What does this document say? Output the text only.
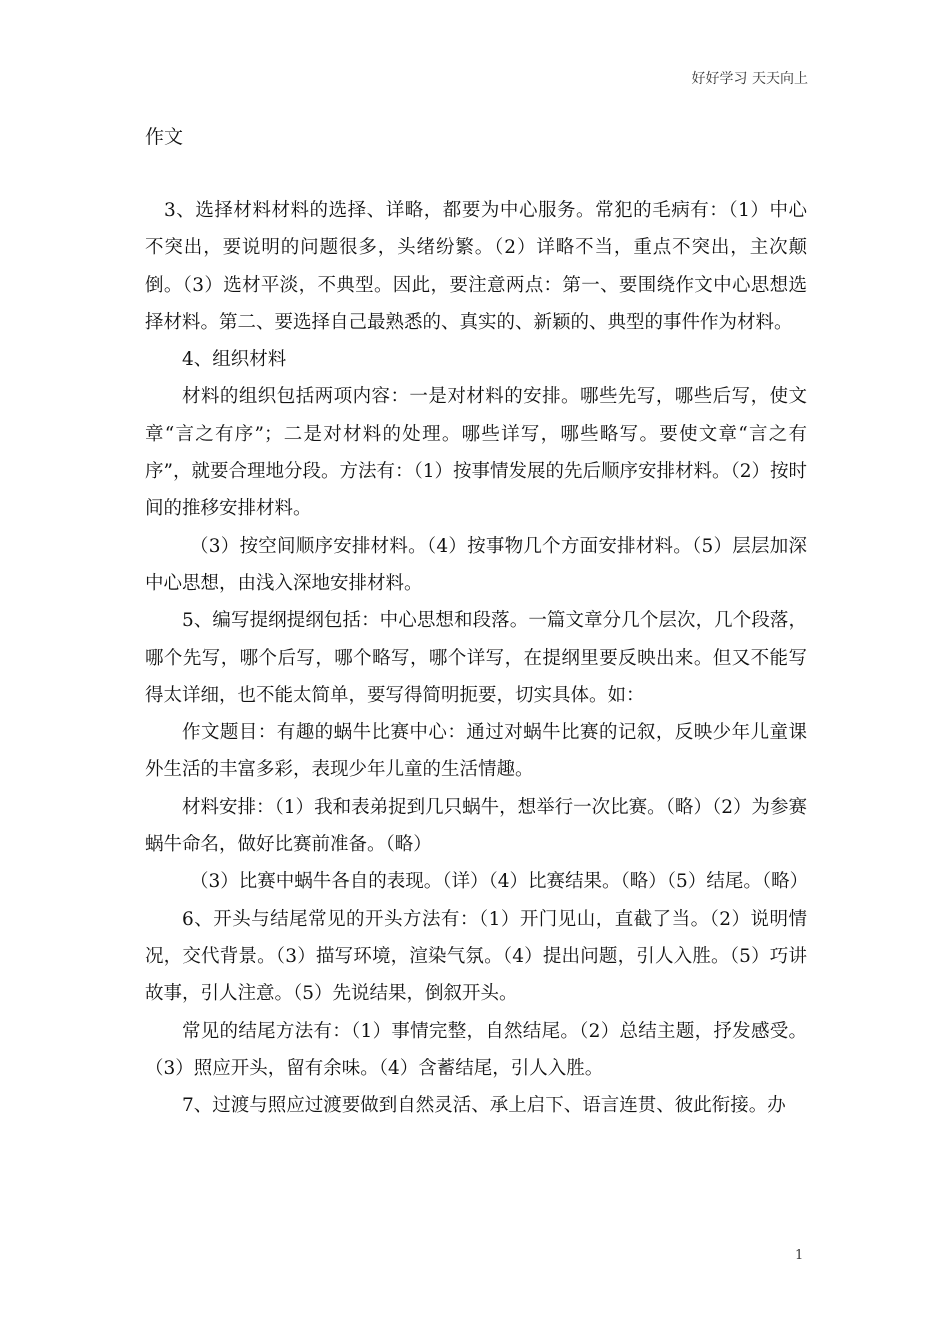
好好学习 天天向上
作文

3、选择材料材料的选择、详略，都要为中心服务。常犯的毛病有：（1）中心不突出，要说明的问题很多，头绪纷繁。（2）详略不当，重点不突出，主次颠倒。（3）选材平淡，不典型。因此，要注意两点：第一、要围绕作文中心思想选择材料。第二、要选择自己最熟悉的、真实的、新颖的、典型的事件作为材料。

4、组织材料

材料的组织包括两项内容：一是对材料的安排。哪些先写，哪些后写，使文章“言之有序”；二是对材料的处理。哪些详写，哪些略写。要使文章“言之有序”，就要合理地分段。方法有：（1）按事情发展的先后顺序安排材料。（2）按时间的推移安排材料。

（3）按空间顺序安排材料。（4）按事物几个方面安排材料。（5）层层加深中心思想，由浅入深地安排材料。

5、编写提纲提纲包括：中心思想和段落。一篇文章分几个层次，几个段落，哪个先写，哪个后写，哪个略写，哪个详写，在提纲里要反映出来。但又不能写得太详细，也不能太简单，要写得简明扼要，切实具体。如：

作文题目：有趣的蜗牛比赛中心：通过对蜗牛比赛的记叙，反映少年儿童课外生活的丰富多彩，表现少年儿童的生活情趣。

材料安排：（1）我和表弟捉到几只蜗牛，想举行一次比赛。（略）（2）为参赛蜗牛命名，做好比赛前准备。（略）

（3）比赛中蜗牛各自的表现。（详）（4）比赛结果。（略）（5）结尾。（略）

6、开头与结尾常见的开头方法有：（1）开门见山，直截了当。（2）说明情况，交代背景。（3）描写环境，渲染气氛。（4）提出问题，引人入胜。（5）巧讲故事，引人注意。（5）先说结果，倒叙开头。

常见的结尾方法有：（1）事情完整，自然结尾。（2）总结主题，抒发感受。（3）照应开头，留有余味。（4）含蓄结尾，引人入胜。

7、过渡与照应过渡要做到自然灵活、承上启下、语言连贯、彼此衔接。办

1
